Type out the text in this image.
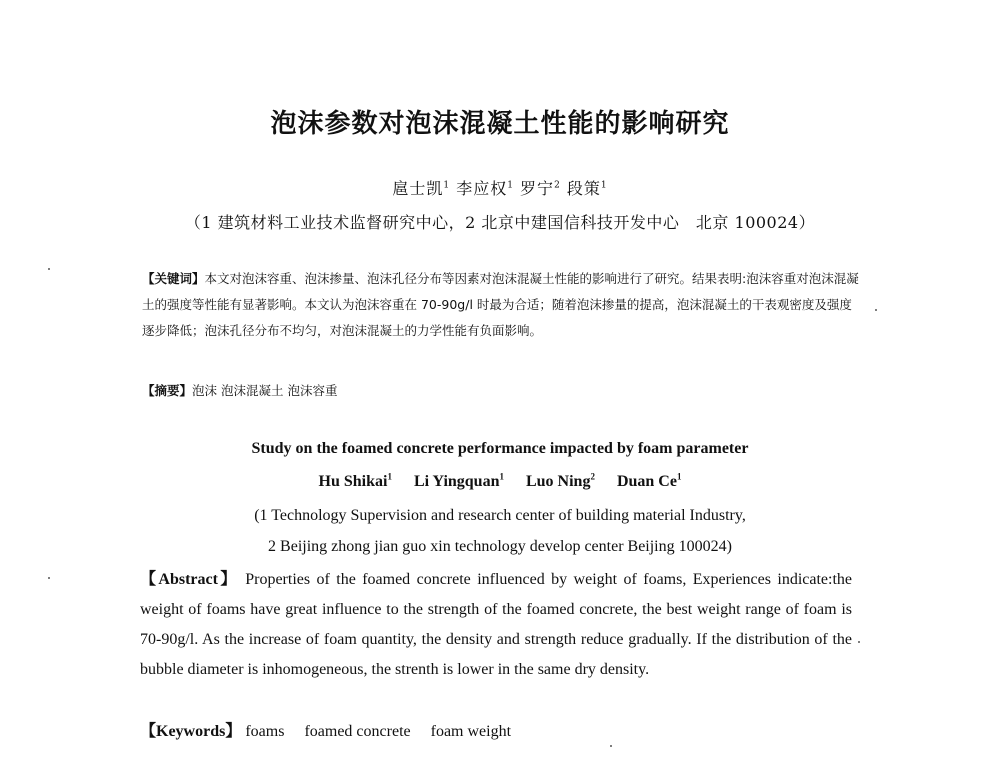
泡沫参数对泡沫混凝土性能的影响研究
扈士凯$^1$ 李应权$^1$ 罗宁$^2$ 段策$^1$
（1 建筑材料工业技术监督研究中心，2 北京中建国信科技开发中心　北京 100024）
【关键词】本文对泡沫容重、泡沫掺量、泡沫孔径分布等因素对泡沫混凝土性能的影响进行了研究。结果表明:泡沫容重对泡沫混凝土的强度等性能有显著影响。本文认为泡沫容重在 70-90g/l 时最为合适；随着泡沫掺量的提高，泡沫混凝土的干表观密度及强度逐步降低；泡沫孔径分布不均匀，对泡沫混凝土的力学性能有负面影响。
【摘要】泡沫 泡沫混凝土 泡沫容重
Study on the foamed concrete performance impacted by foam parameter
Hu Shikai$^1$ Li Yingquan$^1$ Luo Ning$^2$ Duan Ce$^1$
(1 Technology Supervision and research center of building material Industry,
2 Beijing zhong jian guo xin technology develop center Beijing 100024)
【Abstract】 Properties of the foamed concrete influenced by weight of foams, Experiences indicate:the weight of foams have great influence to the strength of the foamed concrete, the best weight range of foam is 70-90g/l. As the increase of foam quantity, the density and strength reduce gradually. If the distribution of the bubble diameter is inhomogeneous, the strenth is lower in the same dry density.
【Keywords】 foams foamed concrete foam weight
